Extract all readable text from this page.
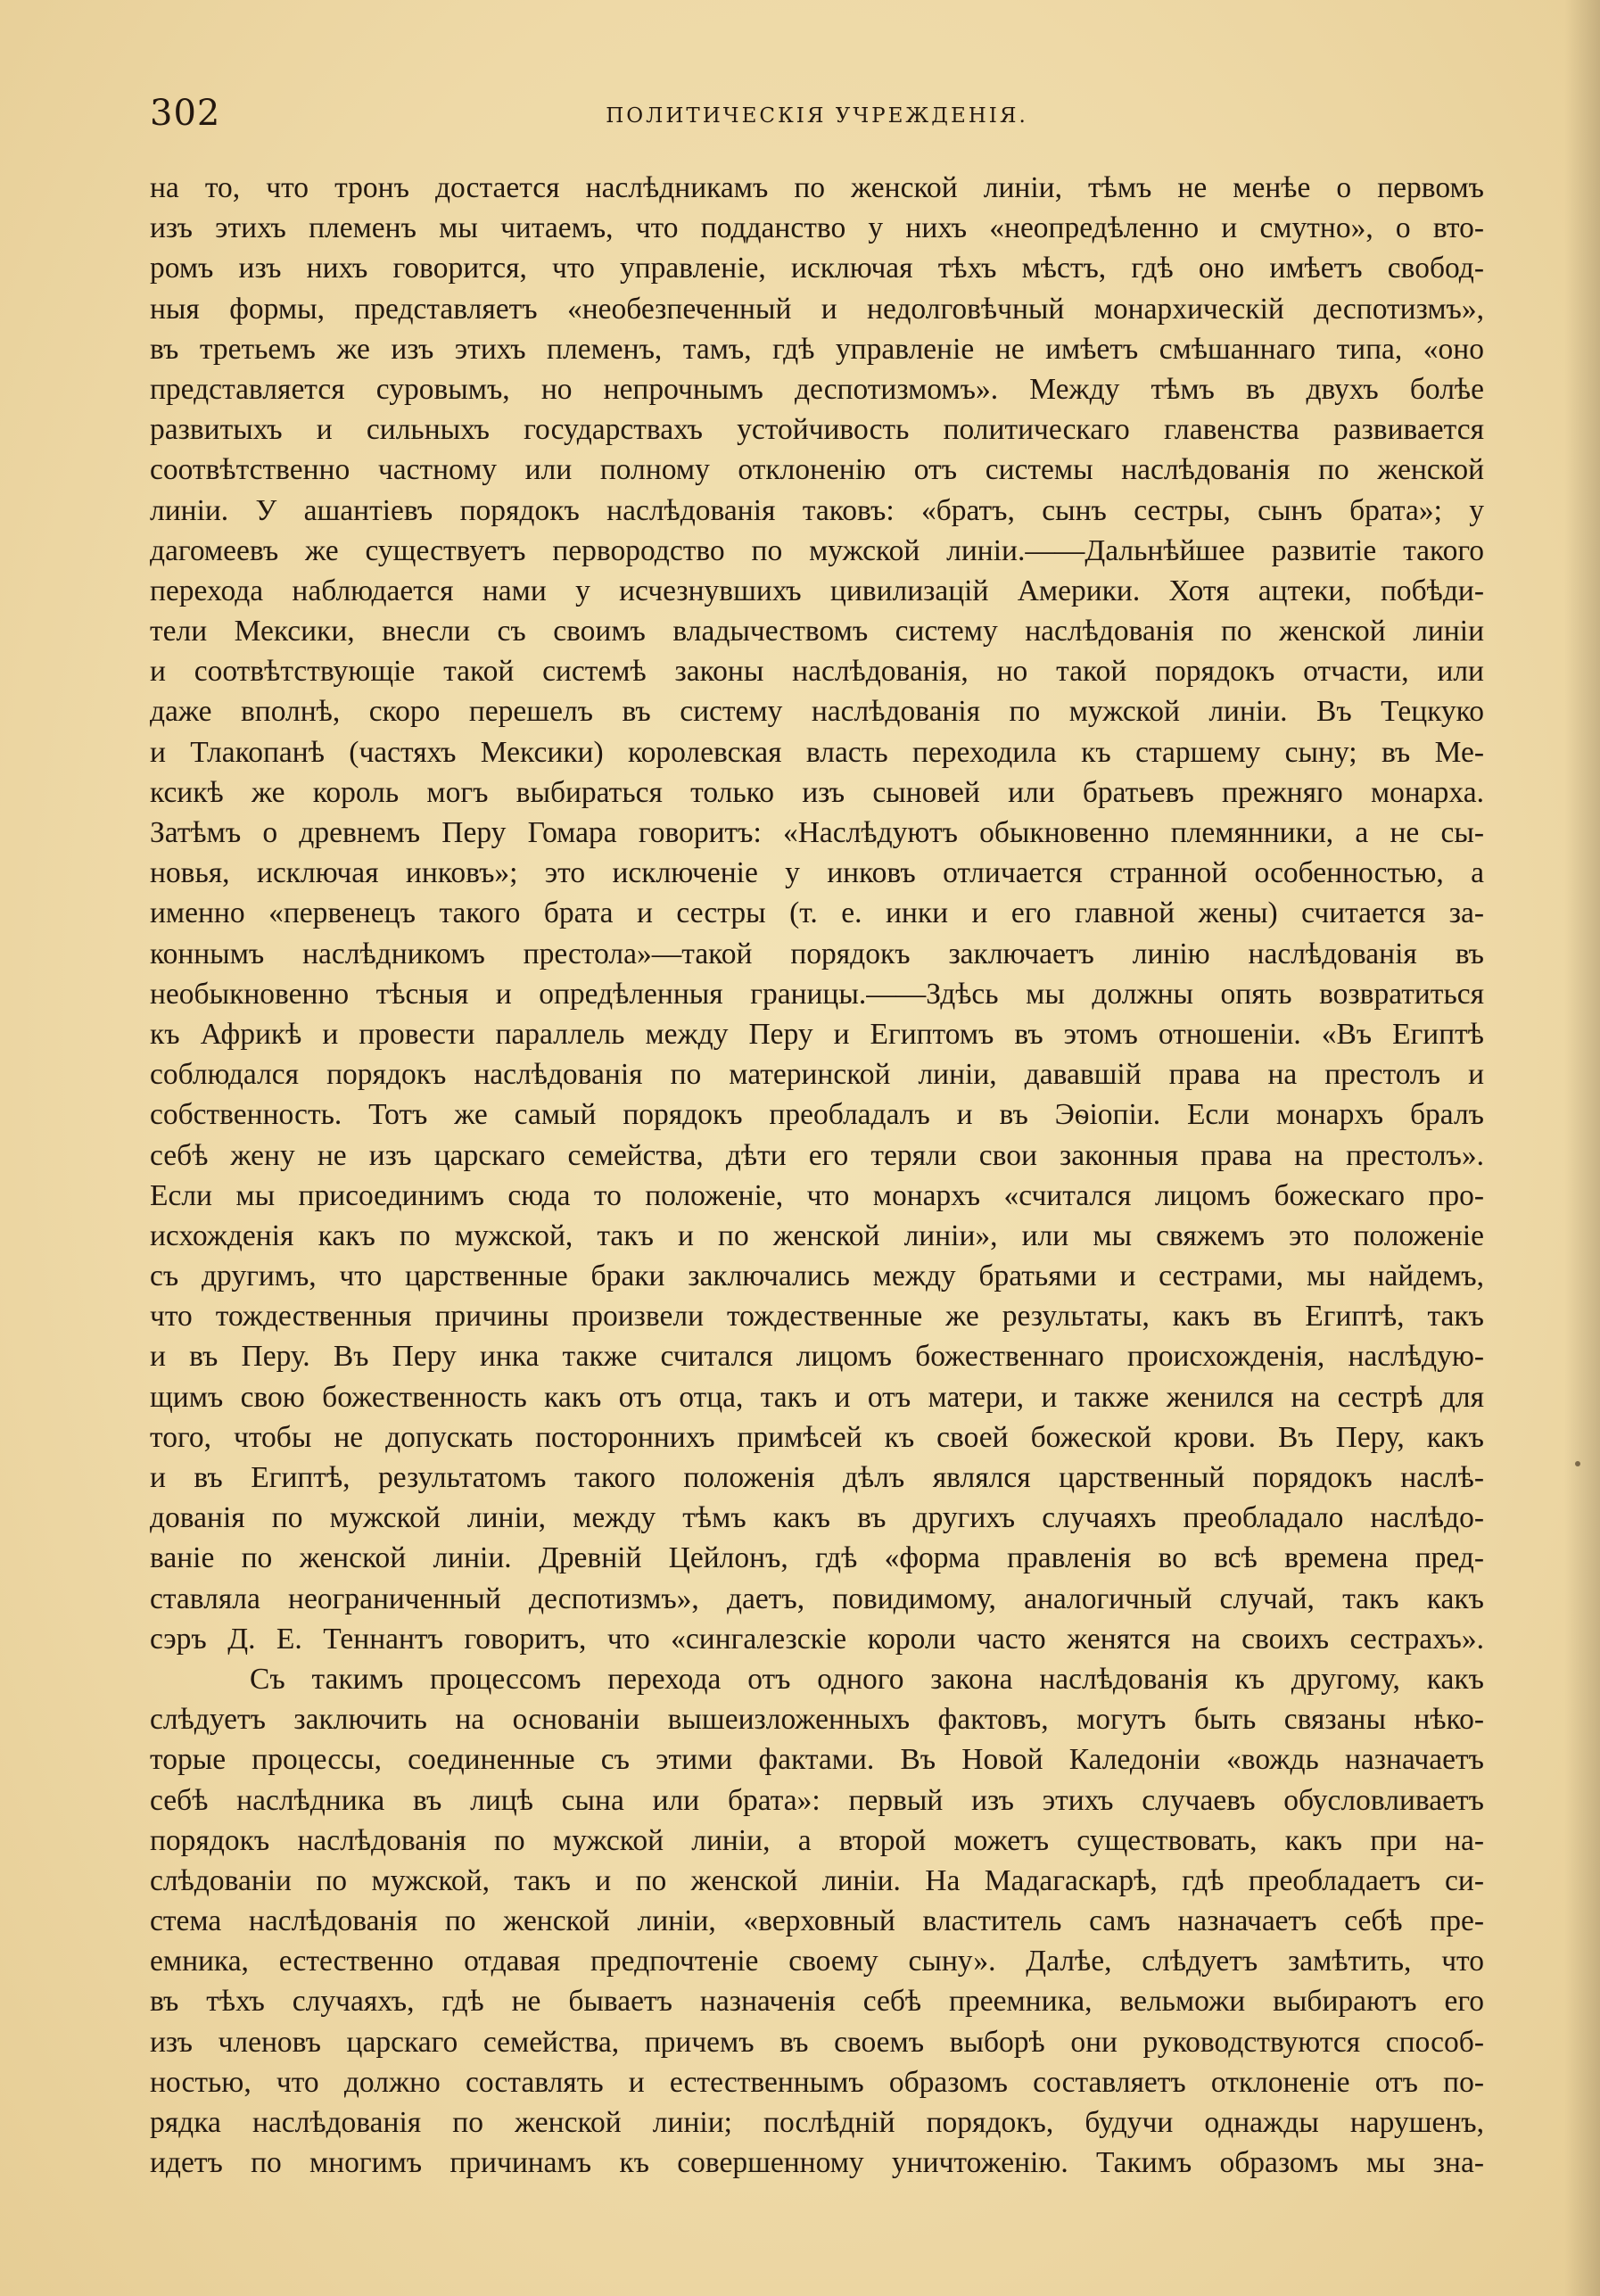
302	ПОЛИТИЧЕСКІЯ УЧРЕЖДЕНІЯ.
на то, что тронъ достается наслѣдникамъ по женской линіи, тѣмъ не менѣе о первомъ
изъ этихъ племенъ мы читаемъ, что подданство у нихъ «неопредѣленно и смутно», о вто-
ромъ изъ нихъ говорится, что управленіе, исключая тѣхъ мѣстъ, гдѣ оно имѣетъ свобод-
ныя формы, представляетъ «необезпеченный и недолговѣчный монархическій деспотизмъ»,
въ третьемъ же изъ этихъ племенъ, тамъ, гдѣ управленіе не имѣетъ смѣшаннаго типа, «оно
представляется суровымъ, но непрочнымъ деспотизмомъ». Между тѣмъ въ двухъ болѣе
развитыхъ и сильныхъ государствахъ устойчивость политическаго главенства развивается
соотвѣтственно частному или полному отклоненію отъ системы наслѣдованія по женской
линіи. У ашантіевъ порядокъ наслѣдованія таковъ: «братъ, сынъ сестры, сынъ брата»; у
дагомеевъ же существуетъ первородство по мужской линіи.——Дальнѣйшее развитіе такого
перехода наблюдается нами у исчезнувшихъ цивилизацій Америки. Хотя ацтеки, побѣди-
тели Мексики, внесли съ своимъ владычествомъ систему наслѣдованія по женской линіи
и соотвѣтствующіе такой системѣ законы наслѣдованія, но такой порядокъ отчасти, или
даже вполнѣ, скоро перешелъ въ систему наслѣдованія по мужской линіи. Въ Тецкуко
и Тлакопанѣ (частяхъ Мексики) королевская власть переходила къ старшему сыну; въ Ме-
ксикѣ же король могъ выбираться только изъ сыновей или братьевъ прежняго монарха.
Затѣмъ о древнемъ Перу Гомара говоритъ: «Наслѣдуютъ обыкновенно племянники, а не сы-
новья, исключая инковъ»; это исключеніе у инковъ отличается странной особенностью, а
именно «первенецъ такого брата и сестры (т. е. инки и его главной жены) считается за-
коннымъ наслѣдникомъ престола»—такой порядокъ заключаетъ линію наслѣдованія въ
необыкновенно тѣсныя и опредѣленныя границы.——Здѣсь мы должны опять возвратиться
къ Африкѣ и провести параллель между Перу и Египтомъ въ этомъ отношеніи. «Въ Египтѣ
соблюдался порядокъ наслѣдованія по материнской линіи, дававшій права на престолъ и
собственность. Тотъ же самый порядокъ преобладалъ и въ Эѳіопіи. Если монархъ бралъ
себѣ жену не изъ царскаго семейства, дѣти его теряли свои законныя права на престолъ».
Если мы присоединимъ сюда то положеніе, что монархъ «считался лицомъ божескаго про-
исхожденія какъ по мужской, такъ и по женской линіи», или мы свяжемъ это положеніе
съ другимъ, что царственные браки заключались между братьями и сестрами, мы найдемъ,
что тождественныя причины произвели тождественные же результаты, какъ въ Египтѣ, такъ
и въ Перу. Въ Перу инка также считался лицомъ божественнаго происхожденія, наслѣдую-
щимъ свою божественность какъ отъ отца, такъ и отъ матери, и также женился на сестрѣ для
того, чтобы не допускать постороннихъ примѣсей къ своей божеской крови. Въ Перу, какъ
и въ Египтѣ, результатомъ такого положенія дѣлъ являлся царственный порядокъ наслѣ-
дованія по мужской линіи, между тѣмъ какъ въ другихъ случаяхъ преобладало наслѣдо-
ваніе по женской линіи. Древній Цейлонъ, гдѣ «форма правленія во всѣ времена пред-
ставляла неограниченный деспотизмъ», даетъ, повидимому, аналогичный случай, такъ какъ
сэръ Д. Е. Теннантъ говоритъ, что «сингалезскіе короли часто женятся на своихъ сестрахъ».
Съ такимъ процессомъ перехода отъ одного закона наслѣдованія къ другому, какъ
слѣдуетъ заключить на основаніи вышеизложенныхъ фактовъ, могутъ быть связаны нѣко-
торые процессы, соединенные съ этими фактами. Въ Новой Каледоніи «вождь назначаетъ
себѣ наслѣдника въ лицѣ сына или брата»: первый изъ этихъ случаевъ обусловливаетъ
порядокъ наслѣдованія по мужской линіи, а второй можетъ существовать, какъ при на-
слѣдованіи по мужской, такъ и по женской линіи. На Мадагаскарѣ, гдѣ преобладаетъ си-
стема наслѣдованія по женской линіи, «верховный властитель самъ назначаетъ себѣ пре-
емника, естественно отдавая предпочтеніе своему сыну». Далѣе, слѣдуетъ замѣтить, что
въ тѣхъ случаяхъ, гдѣ не бываетъ назначенія себѣ преемника, вельможи выбираютъ его
изъ членовъ царскаго семейства, причемъ въ своемъ выборѣ они руководствуются способ-
ностью, что должно составлять и естественнымъ образомъ составляетъ отклоненіе отъ по-
рядка наслѣдованія по женской линіи; послѣдній порядокъ, будучи однажды нарушенъ,
идетъ по многимъ причинамъ къ совершенному уничтоженію. Такимъ образомъ мы зна-
